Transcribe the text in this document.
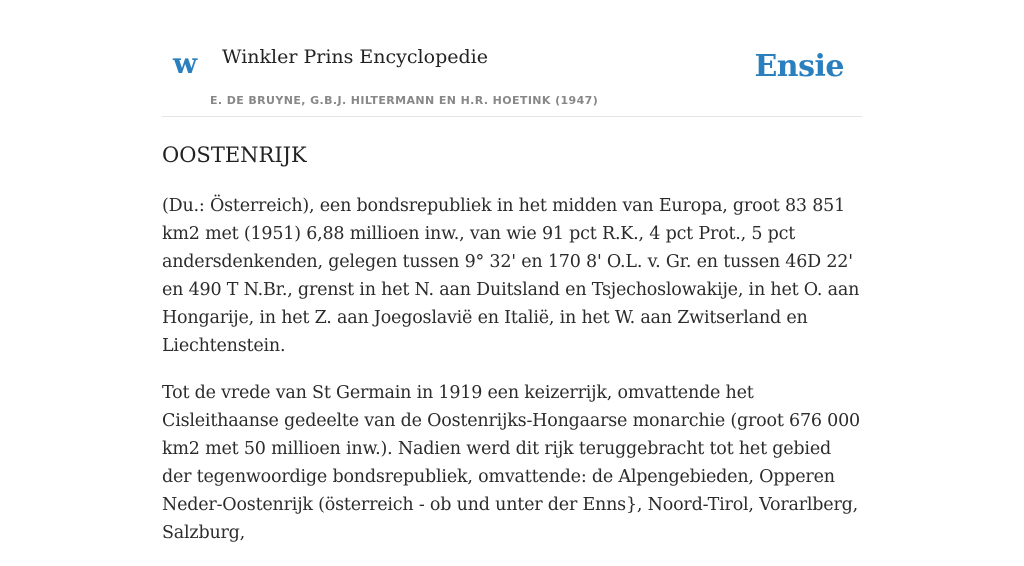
w Winkler Prins Encyclopedie
E. DE BRUYNE, G.B.J. HILTERMANN EN H.R. HOETINK (1947)
Ensie
OOSTENRIJK

(Du.: Österreich), een bondsrepubliek in het midden van Europa, groot 83 851 km2 met (1951) 6,88 millioen inw., van wie 91 pct R.K., 4 pct Prot., 5 pct andersdenkenden, gelegen tussen 9° 32' en 170 8' O.L. v. Gr. en tussen 46D 22' en 490 T N.Br., grenst in het N. aan Duitsland en Tsjechoslowakije, in het O. aan Hongarije, in het Z. aan Joegoslavië en Italië, in het W. aan Zwitserland en Liechtenstein.

Tot de vrede van St Germain in 1919 een keizerrijk, omvattende het Cisleithaanse gedeelte van de Oostenrijks-Hongaarse monarchie (groot 676 000 km2 met 50 millioen inw.). Nadien werd dit rijk teruggebracht tot het gebied der tegenwoordige bondsrepubliek, omvattende: de Alpengebieden, Opperen Neder-Oostenrijk (österreich - ob und unter der Enns}, Noord-Tirol, Vorarlberg, Salzburg,
